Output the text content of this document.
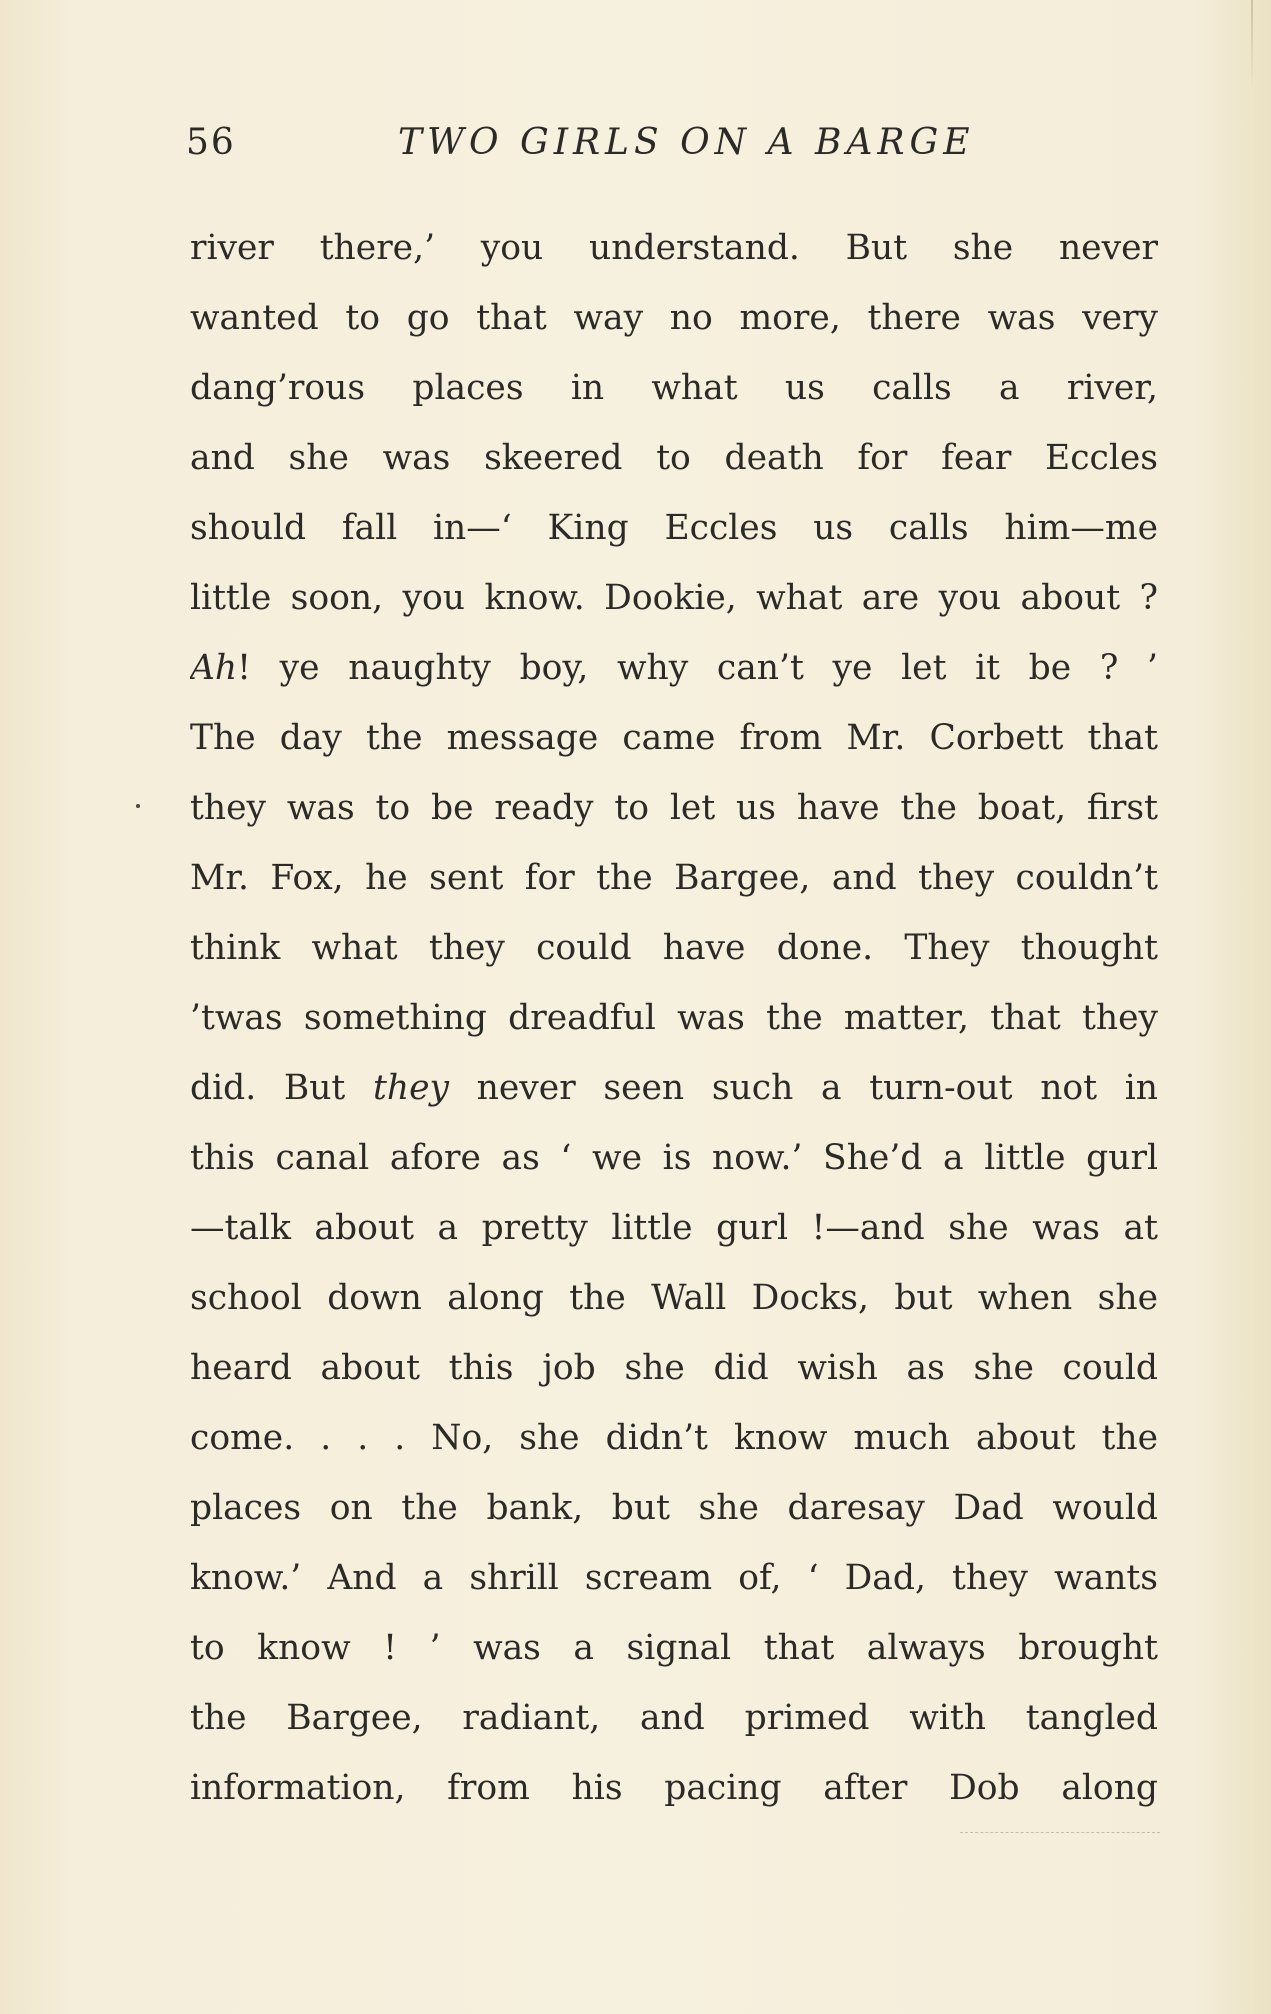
56	TWO GIRLS ON A BARGE
river there,’ you understand. But she never
wanted to go that way no more, there was very
dang’rous places in what us calls a river,
and she was skeered to death for fear Eccles
should fall in—‘ King Eccles us calls him—me
little soon, you know. Dookie, what are you about ?
Ah! ye naughty boy, why can’t ye let it be ? ’
The day the message came from Mr. Corbett that
they was to be ready to let us have the boat, first
Mr. Fox, he sent for the Bargee, and they couldn’t
think what they could have done. They thought
’twas something dreadful was the matter, that they
did. But they never seen such a turn-out not in
this canal afore as ‘ we is now.’ She’d a little gurl
—talk about a pretty little gurl !—and she was at
school down along the Wall Docks, but when she
heard about this job she did wish as she could
come. . . . No, she didn’t know much about the
places on the bank, but she daresay Dad would
know.’ And a shrill scream of, ‘ Dad, they wants
to know ! ’ was a signal that always brought
the Bargee, radiant, and primed with tangled
information, from his pacing after Dob along
